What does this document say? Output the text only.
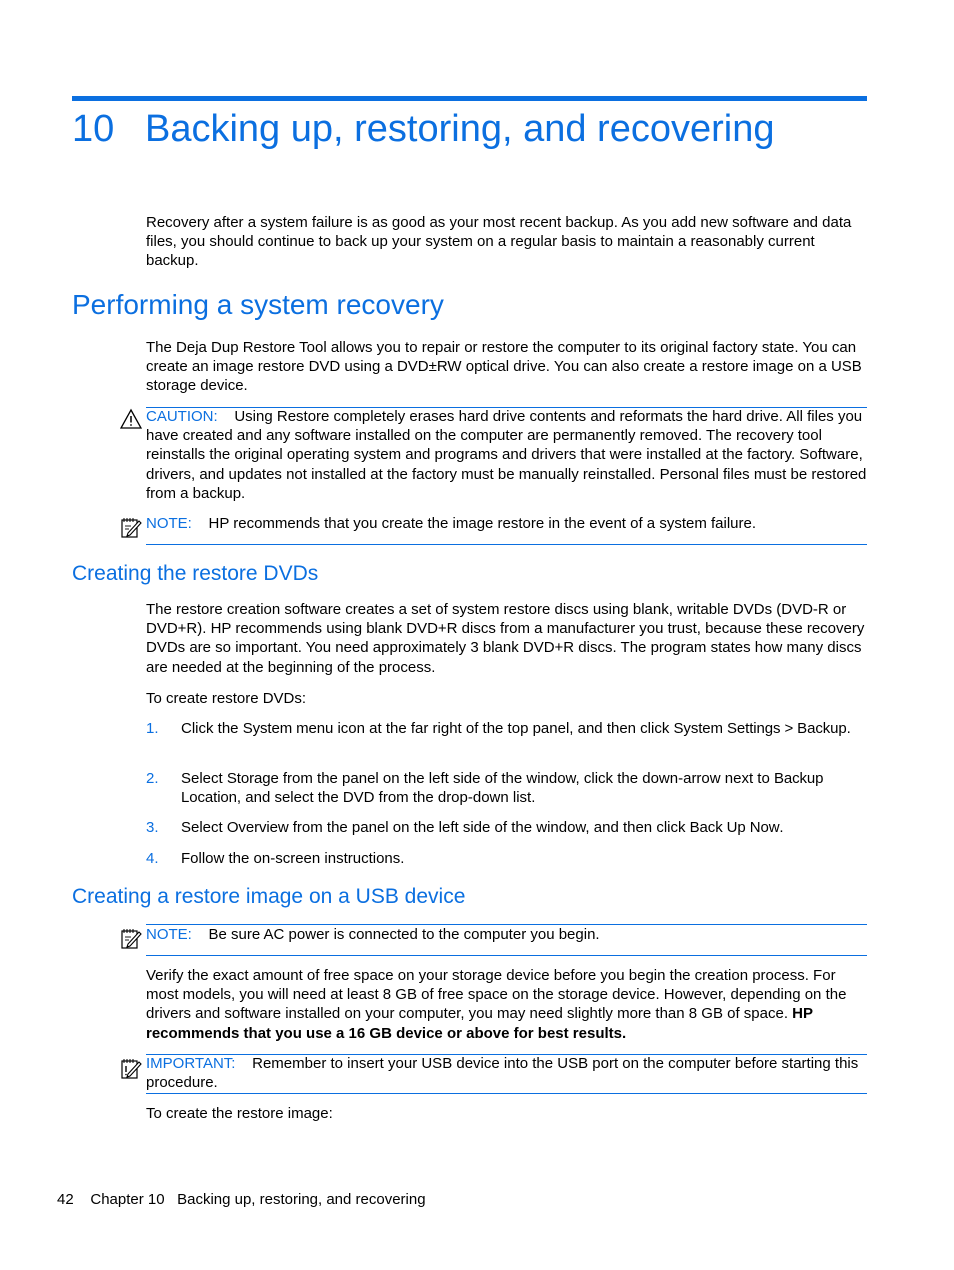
10 Backing up, restoring, and recovering
Recovery after a system failure is as good as your most recent backup. As you add new software and data files, you should continue to back up your system on a regular basis to maintain a reasonably current backup.
Performing a system recovery
The Deja Dup Restore Tool allows you to repair or restore the computer to its original factory state. You can create an image restore DVD using a DVD±RW optical drive. You can also create a restore image on a USB storage device.
CAUTION: Using Restore completely erases hard drive contents and reformats the hard drive. All files you have created and any software installed on the computer are permanently removed. The recovery tool reinstalls the original operating system and programs and drivers that were installed at the factory. Software, drivers, and updates not installed at the factory must be manually reinstalled. Personal files must be restored from a backup.
NOTE: HP recommends that you create the image restore in the event of a system failure.
Creating the restore DVDs
The restore creation software creates a set of system restore discs using blank, writable DVDs (DVD-R or DVD+R). HP recommends using blank DVD+R discs from a manufacturer you trust, because these recovery DVDs are so important. You need approximately 3 blank DVD+R discs. The program states how many discs are needed at the beginning of the process.
To create restore DVDs:
1. Click the System menu icon at the far right of the top panel, and then click System Settings > Backup.
2. Select Storage from the panel on the left side of the window, click the down-arrow next to Backup Location, and select the DVD from the drop-down list.
3. Select Overview from the panel on the left side of the window, and then click Back Up Now.
4. Follow the on-screen instructions.
Creating a restore image on a USB device
NOTE: Be sure AC power is connected to the computer you begin.
Verify the exact amount of free space on your storage device before you begin the creation process. For most models, you will need at least 8 GB of free space on the storage device. However, depending on the drivers and software installed on your computer, you may need slightly more than 8 GB of space. HP recommends that you use a 16 GB device or above for best results.
IMPORTANT: Remember to insert your USB device into the USB port on the computer before starting this procedure.
To create the restore image:
42 Chapter 10 Backing up, restoring, and recovering
